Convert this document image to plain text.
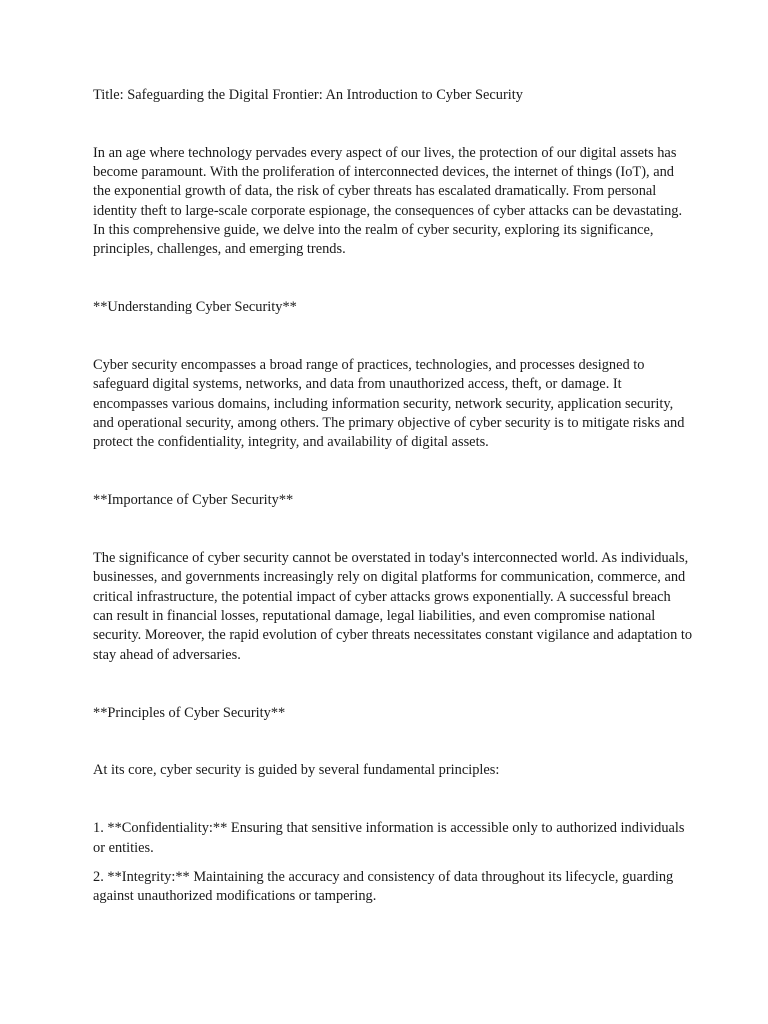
Title: Safeguarding the Digital Frontier: An Introduction to Cyber Security

In an age where technology pervades every aspect of our lives, the protection of our digital assets has become paramount. With the proliferation of interconnected devices, the internet of things (IoT), and the exponential growth of data, the risk of cyber threats has escalated dramatically. From personal identity theft to large-scale corporate espionage, the consequences of cyber attacks can be devastating. In this comprehensive guide, we delve into the realm of cyber security, exploring its significance, principles, challenges, and emerging trends.

**Understanding Cyber Security**

Cyber security encompasses a broad range of practices, technologies, and processes designed to safeguard digital systems, networks, and data from unauthorized access, theft, or damage. It encompasses various domains, including information security, network security, application security, and operational security, among others. The primary objective of cyber security is to mitigate risks and protect the confidentiality, integrity, and availability of digital assets.

**Importance of Cyber Security**

The significance of cyber security cannot be overstated in today's interconnected world. As individuals, businesses, and governments increasingly rely on digital platforms for communication, commerce, and critical infrastructure, the potential impact of cyber attacks grows exponentially. A successful breach can result in financial losses, reputational damage, legal liabilities, and even compromise national security. Moreover, the rapid evolution of cyber threats necessitates constant vigilance and adaptation to stay ahead of adversaries.

**Principles of Cyber Security**

At its core, cyber security is guided by several fundamental principles:

1. **Confidentiality:** Ensuring that sensitive information is accessible only to authorized individuals or entities.

2. **Integrity:** Maintaining the accuracy and consistency of data throughout its lifecycle, guarding against unauthorized modifications or tampering.
